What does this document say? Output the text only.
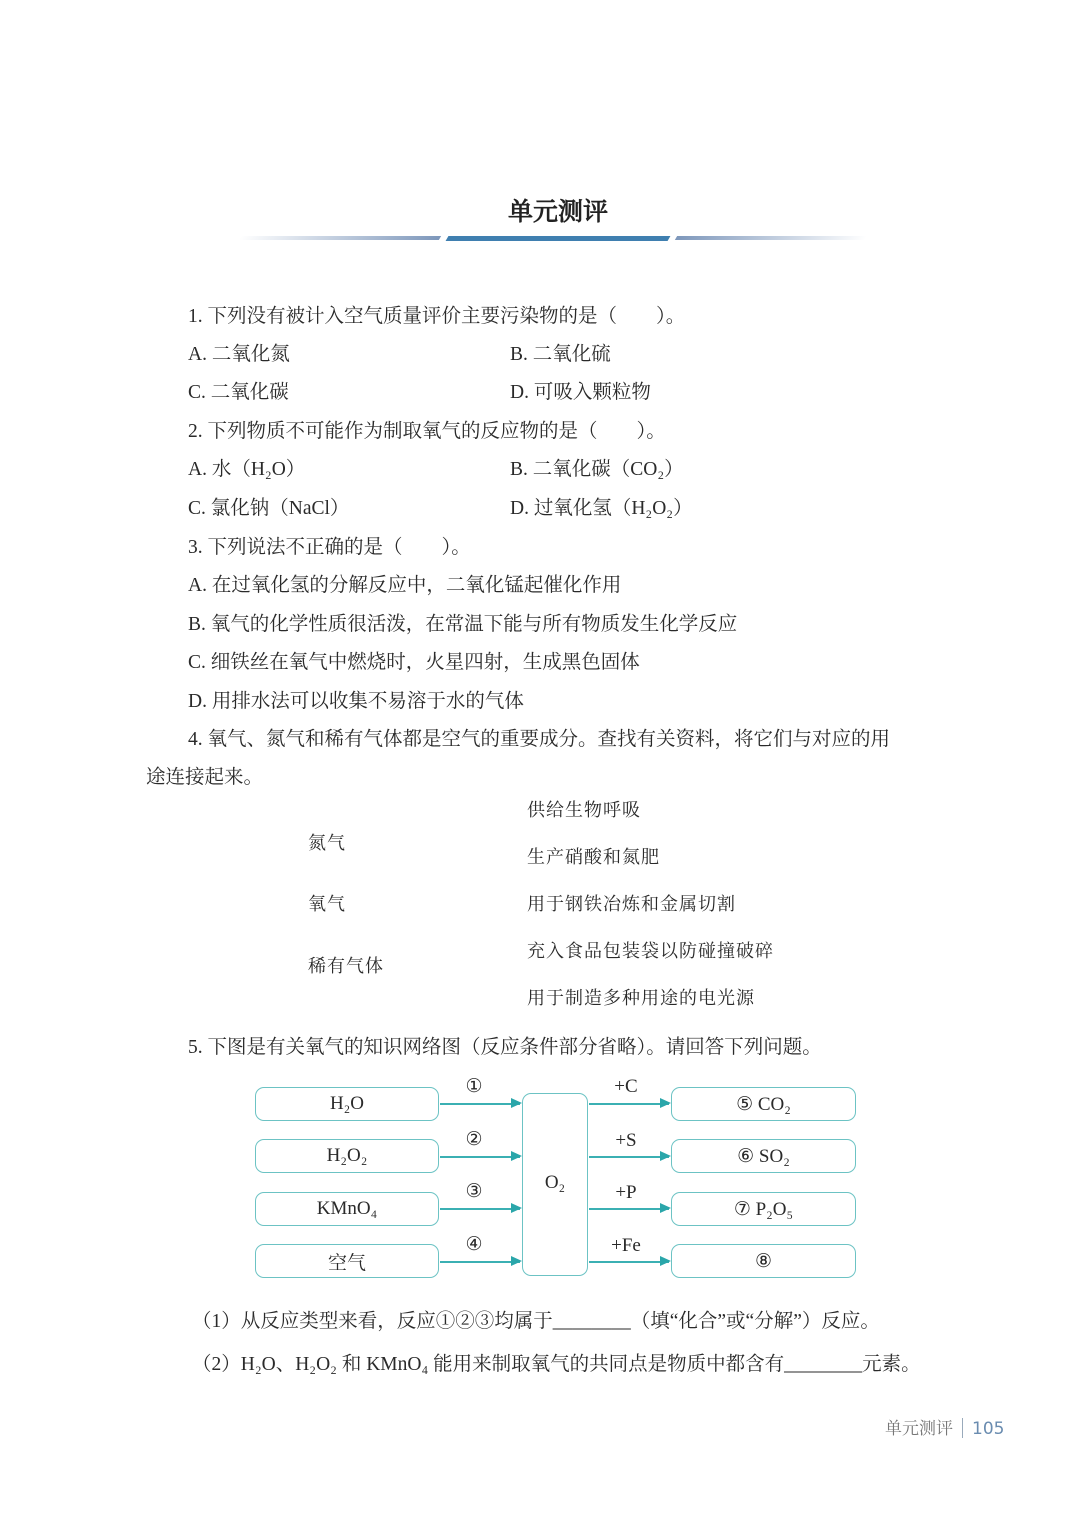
单元测评
1. 下列没有被计入空气质量评价主要污染物的是（　　）。
A. 二氧化氮	B. 二氧化硫
C. 二氧化碳	D. 可吸入颗粒物
2. 下列物质不可能作为制取氧气的反应物的是（　　）。
A. 水（H₂O）	B. 二氧化碳（CO₂）
C. 氯化钠（NaCl）	D. 过氧化氢（H₂O₂）
3. 下列说法不正确的是（　　）。
A. 在过氧化氢的分解反应中，二氧化锰起催化作用
B. 氧气的化学性质很活泼，在常温下能与所有物质发生化学反应
C. 细铁丝在氧气中燃烧时，火星四射，生成黑色固体
D. 用排水法可以收集不易溶于水的气体
4. 氧气、氮气和稀有气体都是空气的重要成分。查找有关资料，将它们与对应的用
途连接起来。
氮气
氧气
稀有气体
供给生物呼吸
生产硝酸和氮肥
用于钢铁冶炼和金属切割
充入食品包装袋以防碰撞破碎
用于制造多种用途的电光源
5. 下图是有关氧气的知识网络图（反应条件部分省略）。请回答下列问题。
H₂O
H₂O₂
KMnO₄
空气
①
②
③
④
O₂
+C
+S
+P
+Fe
⑤ CO₂
⑥ SO₂
⑦ P₂O₅
⑧
（1）从反应类型来看，反应①②③均属于________（填“化合”或“分解”）反应。
（2）H₂O、H₂O₂ 和 KMnO₄ 能用来制取氧气的共同点是物质中都含有________元素。
单元测评 105
